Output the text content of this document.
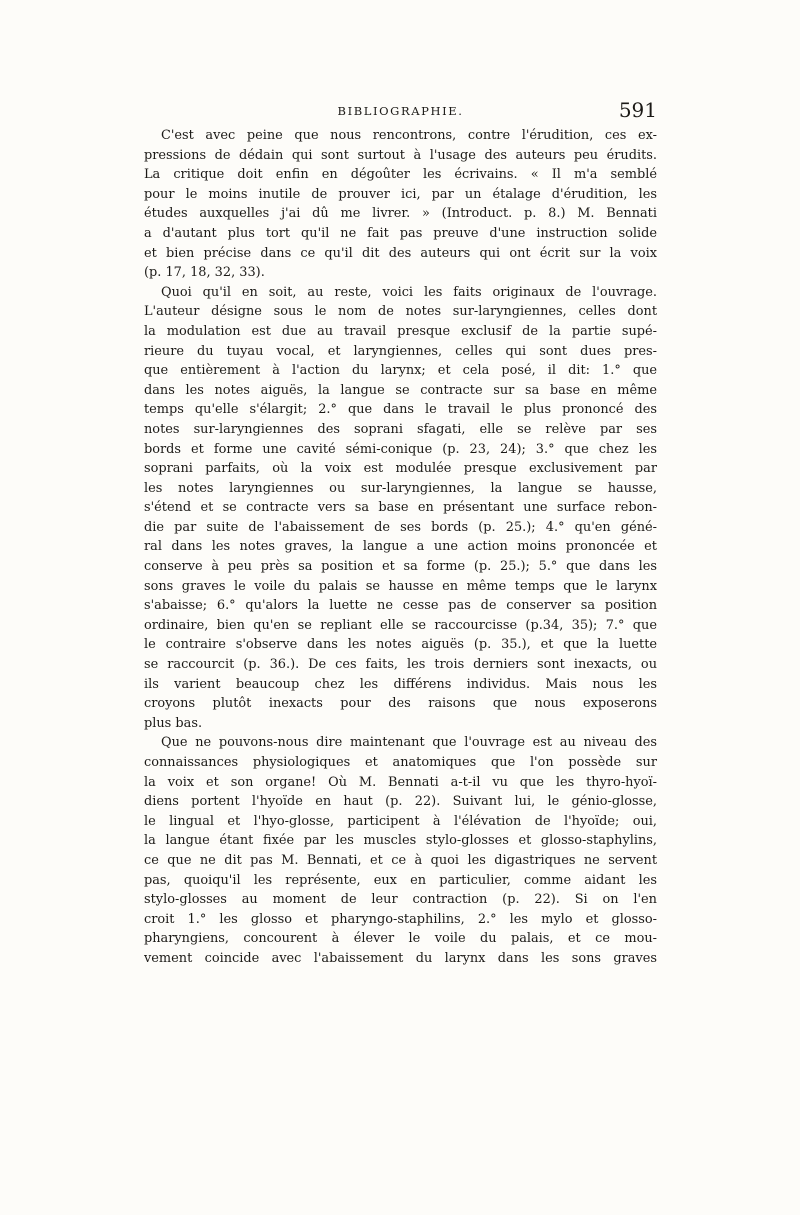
BIBLIOGRAPHIE.	591
C'est avec peine que nous rencontrons, contre l'érudition, ces ex-
pressions de dédain qui sont surtout à l'usage des auteurs peu érudits.
La critique doit enfin en dégoûter les écrivains. « Il m'a semblé
pour le moins inutile de prouver ici, par un étalage d'érudition, les
études auxquelles j'ai dû me livrer. » (Introduct. p. 8.) M. Bennati
a d'autant plus tort qu'il ne fait pas preuve d'une instruction solide
et bien précise dans ce qu'il dit des auteurs qui ont écrit sur la voix
(p. 17, 18, 32, 33).
Quoi qu'il en soit, au reste, voici les faits originaux de l'ouvrage.
L'auteur désigne sous le nom de notes sur-laryngiennes, celles dont
la modulation est due au travail presque exclusif de la partie supé-
rieure du tuyau vocal, et laryngiennes, celles qui sont dues pres-
que entièrement à l'action du larynx; et cela posé, il dit: 1.° que
dans les notes aiguës, la langue se contracte sur sa base en même
temps qu'elle s'élargit; 2.° que dans le travail le plus prononcé des
notes sur-laryngiennes des soprani sfagati, elle se relève par ses
bords et forme une cavité sémi-conique (p. 23, 24); 3.° que chez les
soprani parfaits, où la voix est modulée presque exclusivement par
les notes laryngiennes ou sur-laryngiennes, la langue se hausse,
s'étend et se contracte vers sa base en présentant une surface rebon-
die par suite de l'abaissement de ses bords (p. 25.); 4.° qu'en géné-
ral dans les notes graves, la langue a une action moins prononcée et
conserve à peu près sa position et sa forme (p. 25.); 5.° que dans les
sons graves le voile du palais se hausse en même temps que le larynx
s'abaisse; 6.° qu'alors la luette ne cesse pas de conserver sa position
ordinaire, bien qu'en se repliant elle se raccourcisse (p.34, 35); 7.° que
le contraire s'observe dans les notes aiguës (p. 35.), et que la luette
se raccourcit (p. 36.). De ces faits, les trois derniers sont inexacts, ou
ils varient beaucoup chez les différens individus. Mais nous les
croyons plutôt inexacts pour des raisons que nous exposerons
plus bas.
Que ne pouvons-nous dire maintenant que l'ouvrage est au niveau des
connaissances physiologiques et anatomiques que l'on possède sur
la voix et son organe! Où M. Bennati a-t-il vu que les thyro-hyoï-
diens portent l'hyoïde en haut (p. 22). Suivant lui, le génio-glosse,
le lingual et l'hyo-glosse, participent à l'élévation de l'hyoïde; oui,
la langue étant fixée par les muscles stylo-glosses et glosso-staphylins,
ce que ne dit pas M. Bennati, et ce à quoi les digastriques ne servent
pas, quoiqu'il les représente, eux en particulier, comme aidant les
stylo-glosses au moment de leur contraction (p. 22). Si on l'en
croit 1.° les glosso et pharyngo-staphilins, 2.° les mylo et glosso-
pharyngiens, concourent à élever le voile du palais, et ce mou-
vement coincide avec l'abaissement du larynx dans les sons graves
